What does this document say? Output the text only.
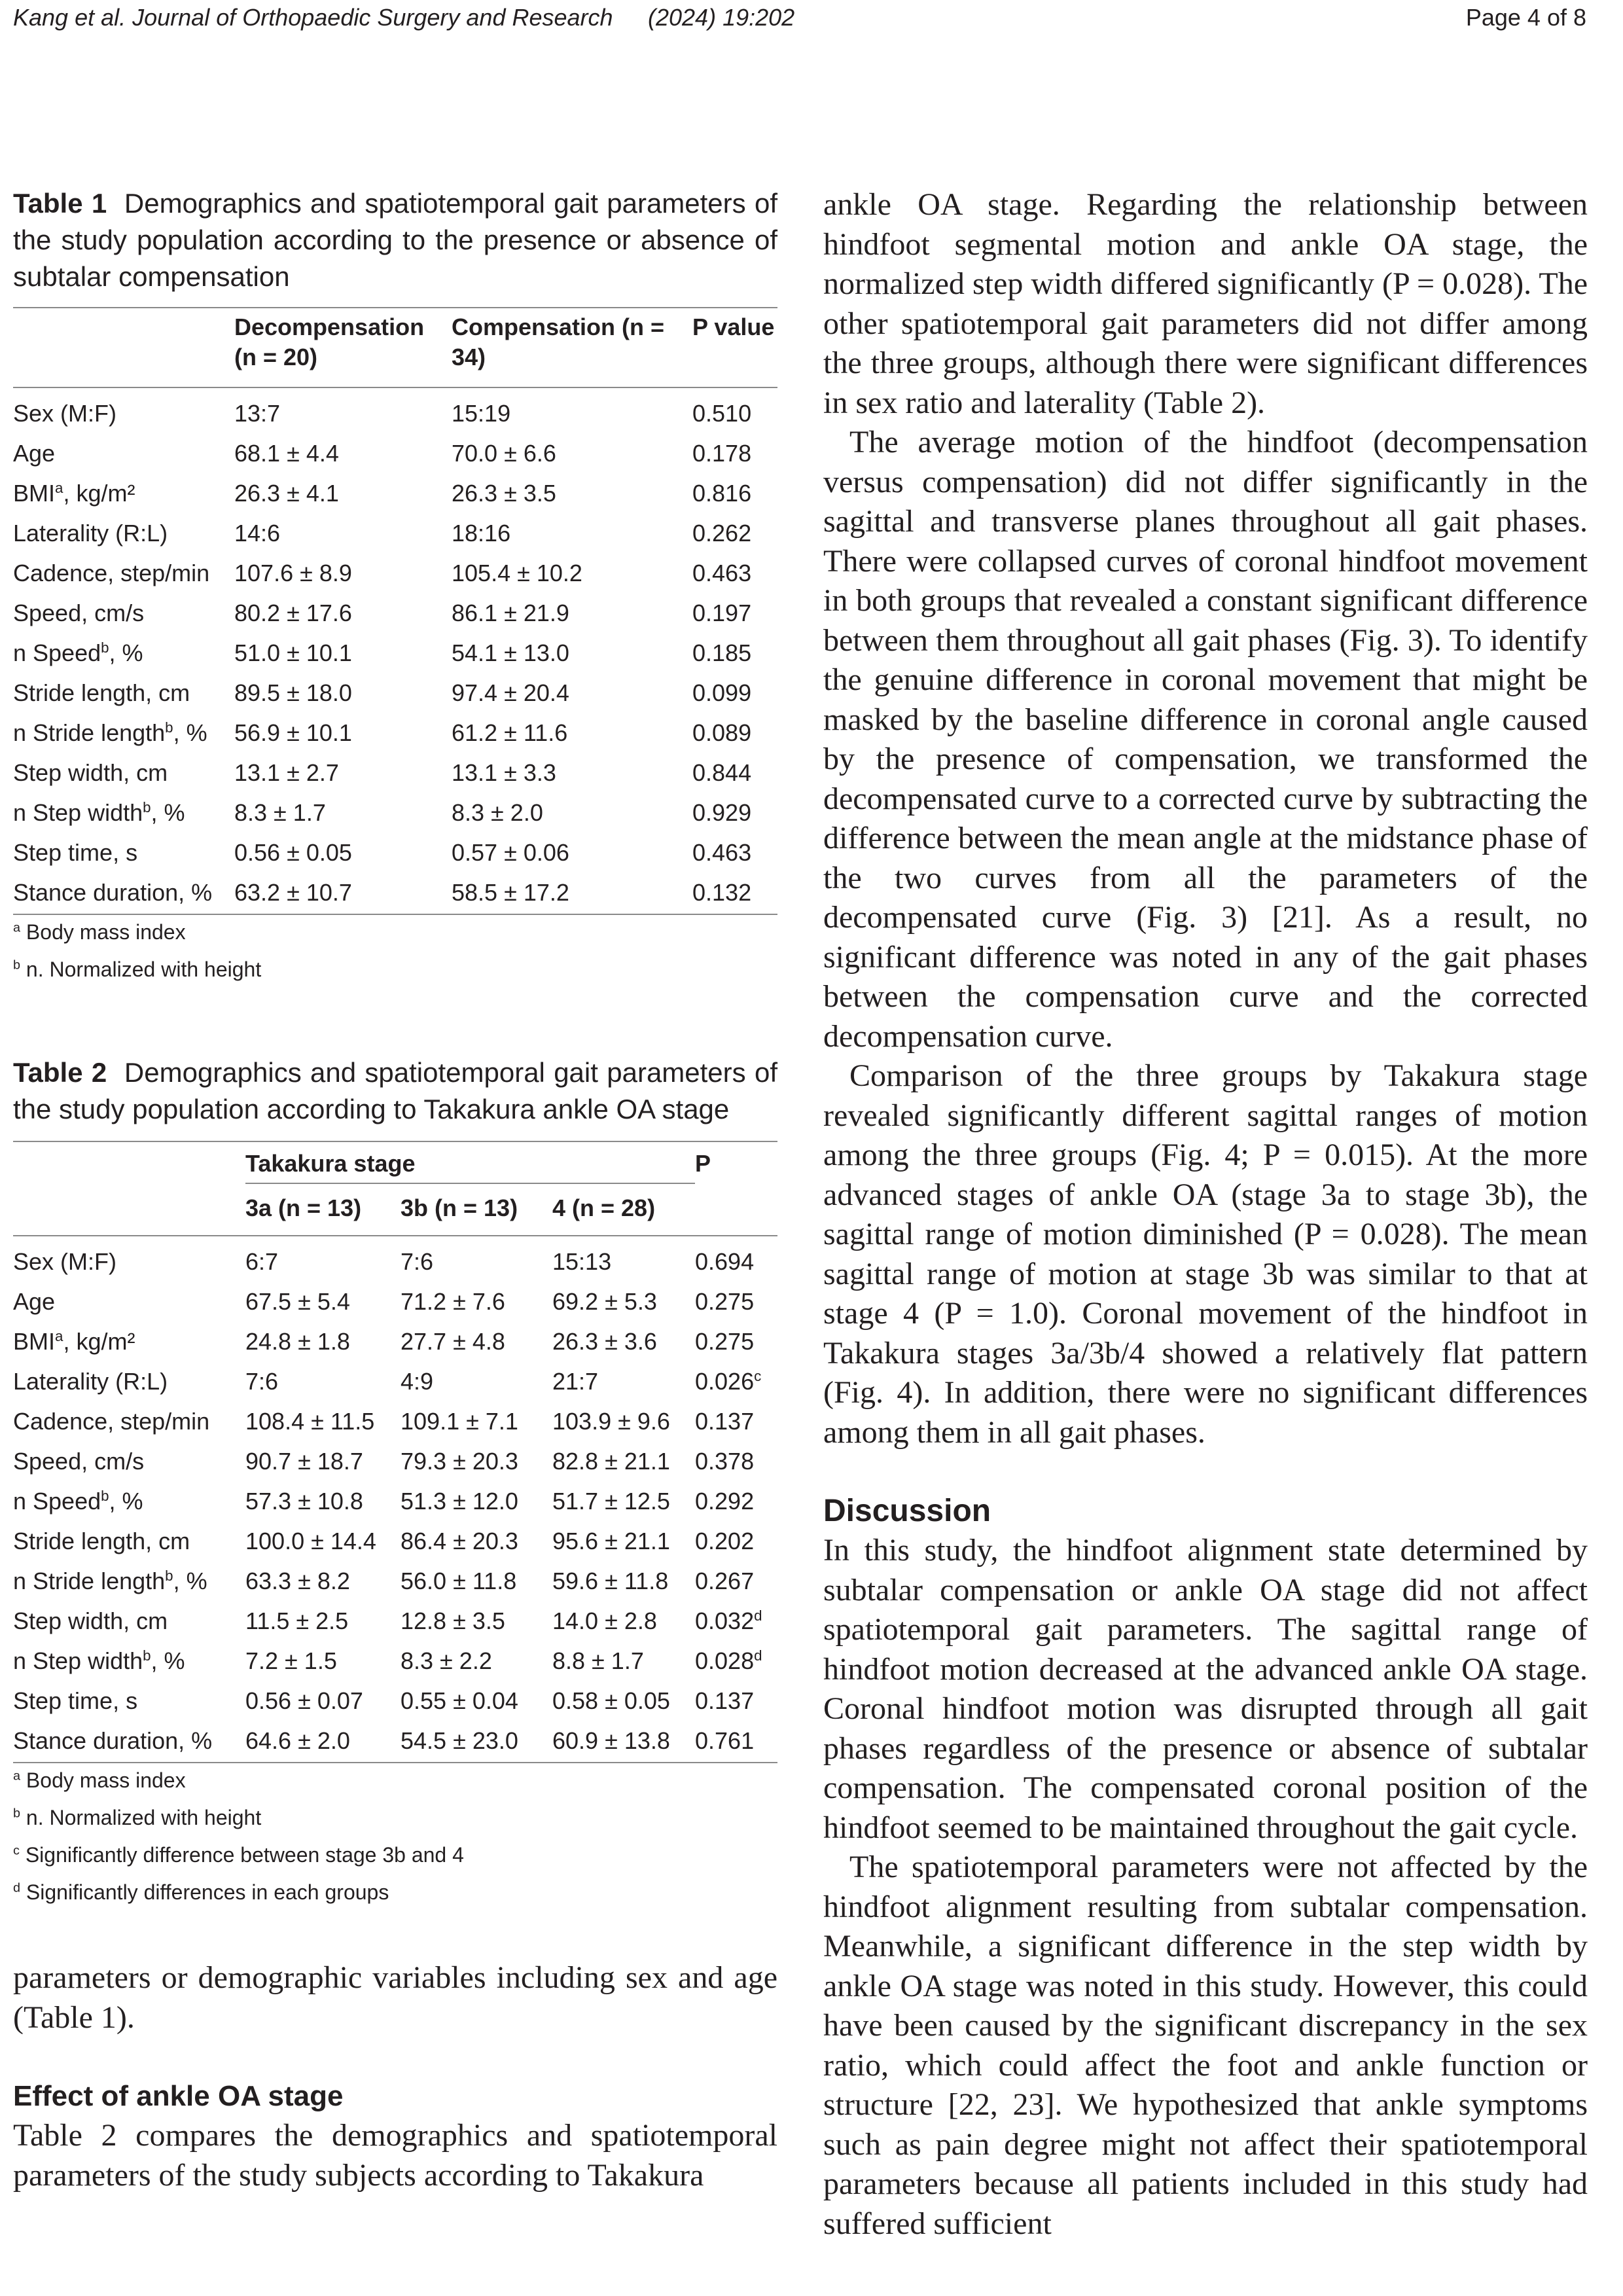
Kang et al. Journal of Orthopaedic Surgery and Research (2024) 19:202	Page 4 of 8

Table 1 Demographics and spatiotemporal gait parameters of the study population according to the presence or absence of subtalar compensation

	Decompensation (n = 20)	Compensation (n = 34)	P value
Sex (M:F)	13:7	15:19	0.510
Age	68.1 ± 4.4	70.0 ± 6.6	0.178
BMI$^a$, kg/m²	26.3 ± 4.1	26.3 ± 3.5	0.816
Laterality (R:L)	14:6	18:16	0.262
Cadence, step/min	107.6 ± 8.9	105.4 ± 10.2	0.463
Speed, cm/s	80.2 ± 17.6	86.1 ± 21.9	0.197
n Speed$^b$, %	51.0 ± 10.1	54.1 ± 13.0	0.185
Stride length, cm	89.5 ± 18.0	97.4 ± 20.4	0.099
n Stride length$^b$, %	56.9 ± 10.1	61.2 ± 11.6	0.089
Step width, cm	13.1 ± 2.7	13.1 ± 3.3	0.844
n Step width$^b$, %	8.3 ± 1.7	8.3 ± 2.0	0.929
Step time, s	0.56 ± 0.05	0.57 ± 0.06	0.463
Stance duration, %	63.2 ± 10.7	58.5 ± 17.2	0.132
$^a$ Body mass index
$^b$ n. Normalized with height

Table 2 Demographics and spatiotemporal gait parameters of the study population according to Takakura ankle OA stage

	Takakura stage			P
	3a (n = 13)	3b (n = 13)	4 (n = 28)	
Sex (M:F)	6:7	7:6	15:13	0.694
Age	67.5 ± 5.4	71.2 ± 7.6	69.2 ± 5.3	0.275
BMI$^a$, kg/m²	24.8 ± 1.8	27.7 ± 4.8	26.3 ± 3.6	0.275
Laterality (R:L)	7:6	4:9	21:7	0.026$^c$
Cadence, step/min	108.4 ± 11.5	109.1 ± 7.1	103.9 ± 9.6	0.137
Speed, cm/s	90.7 ± 18.7	79.3 ± 20.3	82.8 ± 21.1	0.378
n Speed$^b$, %	57.3 ± 10.8	51.3 ± 12.0	51.7 ± 12.5	0.292
Stride length, cm	100.0 ± 14.4	86.4 ± 20.3	95.6 ± 21.1	0.202
n Stride length$^b$, %	63.3 ± 8.2	56.0 ± 11.8	59.6 ± 11.8	0.267
Step width, cm	11.5 ± 2.5	12.8 ± 3.5	14.0 ± 2.8	0.032$^d$
n Step width$^b$, %	7.2 ± 1.5	8.3 ± 2.2	8.8 ± 1.7	0.028$^d$
Step time, s	0.56 ± 0.07	0.55 ± 0.04	0.58 ± 0.05	0.137
Stance duration, %	64.6 ± 2.0	54.5 ± 23.0	60.9 ± 13.8	0.761
$^a$ Body mass index
$^b$ n. Normalized with height
$^c$ Significantly difference between stage 3b and 4
$^d$ Significantly differences in each groups

parameters or demographic variables including sex and age (Table 1).

Effect of ankle OA stage

Table 2 compares the demographics and spatiotemporal parameters of the study subjects according to Takakura

ankle OA stage. Regarding the relationship between hindfoot segmental motion and ankle OA stage, the normalized step width differed significantly (P = 0.028). The other spatiotemporal gait parameters did not differ among the three groups, although there were significant differences in sex ratio and laterality (Table 2).

The average motion of the hindfoot (decompensation versus compensation) did not differ significantly in the sagittal and transverse planes throughout all gait phases. There were collapsed curves of coronal hindfoot movement in both groups that revealed a constant significant difference between them throughout all gait phases (Fig. 3). To identify the genuine difference in coronal movement that might be masked by the baseline difference in coronal angle caused by the presence of compensation, we transformed the decompensated curve to a corrected curve by subtracting the difference between the mean angle at the midstance phase of the two curves from all the parameters of the decompensated curve (Fig. 3) [21]. As a result, no significant difference was noted in any of the gait phases between the compensation curve and the corrected decompensation curve.

Comparison of the three groups by Takakura stage revealed significantly different sagittal ranges of motion among the three groups (Fig. 4; P = 0.015). At the more advanced stages of ankle OA (stage 3a to stage 3b), the sagittal range of motion diminished (P = 0.028). The mean sagittal range of motion at stage 3b was similar to that at stage 4 (P = 1.0). Coronal movement of the hindfoot in Takakura stages 3a/3b/4 showed a relatively flat pattern (Fig. 4). In addition, there were no significant differences among them in all gait phases.

Discussion

In this study, the hindfoot alignment state determined by subtalar compensation or ankle OA stage did not affect spatiotemporal gait parameters. The sagittal range of hindfoot motion decreased at the advanced ankle OA stage. Coronal hindfoot motion was disrupted through all gait phases regardless of the presence or absence of subtalar compensation. The compensated coronal position of the hindfoot seemed to be maintained throughout the gait cycle.

The spatiotemporal parameters were not affected by the hindfoot alignment resulting from subtalar compensation. Meanwhile, a significant difference in the step width by ankle OA stage was noted in this study. However, this could have been caused by the significant discrepancy in the sex ratio, which could affect the foot and ankle function or structure [22, 23]. We hypothesized that ankle symptoms such as pain degree might not affect their spatiotemporal parameters because all patients included in this study had suffered sufficient
